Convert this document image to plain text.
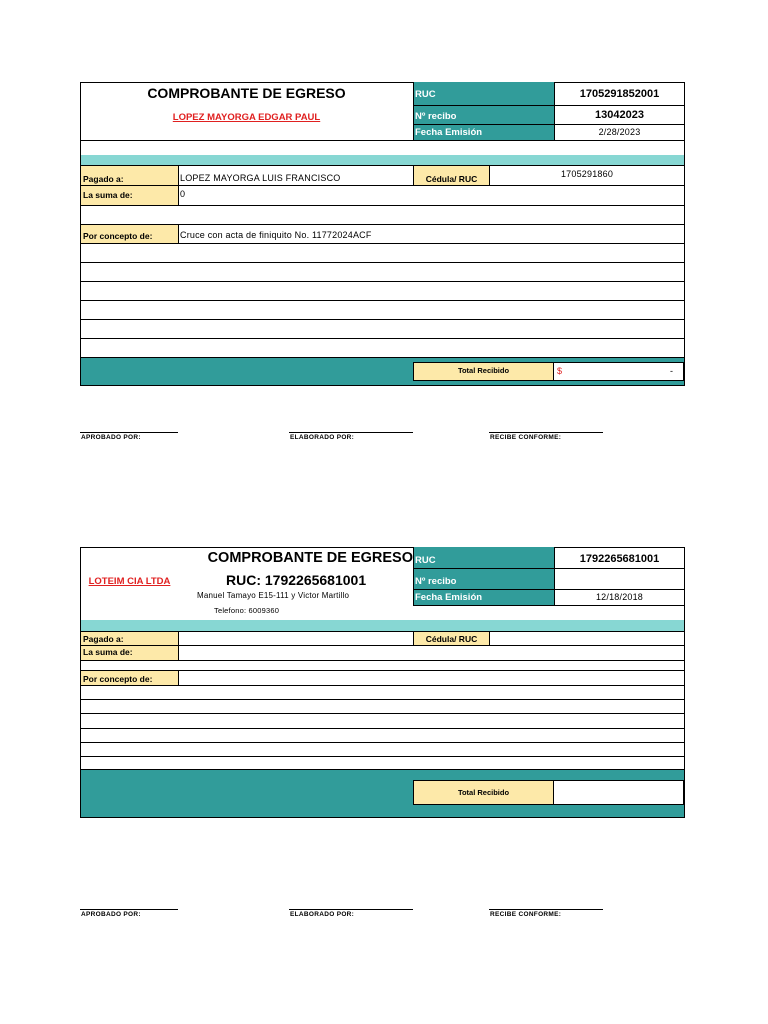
COMPROBANTE DE EGRESO
LOPEZ MAYORGA EDGAR PAUL
RUC	1705291852001
Nº recibo	13042023
Fecha Emisión	2/28/2023
Pagado a:	LOPEZ MAYORGA LUIS FRANCISCO	Cédula/ RUC	1705291860
La suma de:	0
Por concepto de:	Cruce con acta de finiquito No. 11772024ACF
Total Recibido	$	-
APROBADO POR:	ELABORADO POR:	RECIBE CONFORME:
COMPROBANTE DE EGRESO
LOTEIM CIA LTDA	RUC: 1792265681001
Manuel Tamayo E15-111 y Victor Martillo
Telefono: 6009360
RUC	1792265681001
Nº recibo
Fecha Emisión	12/18/2018
Pagado a:	Cédula/ RUC
La suma de:
Por concepto de:
Total Recibido
APROBADO POR:	ELABORADO POR:	RECIBE CONFORME:
